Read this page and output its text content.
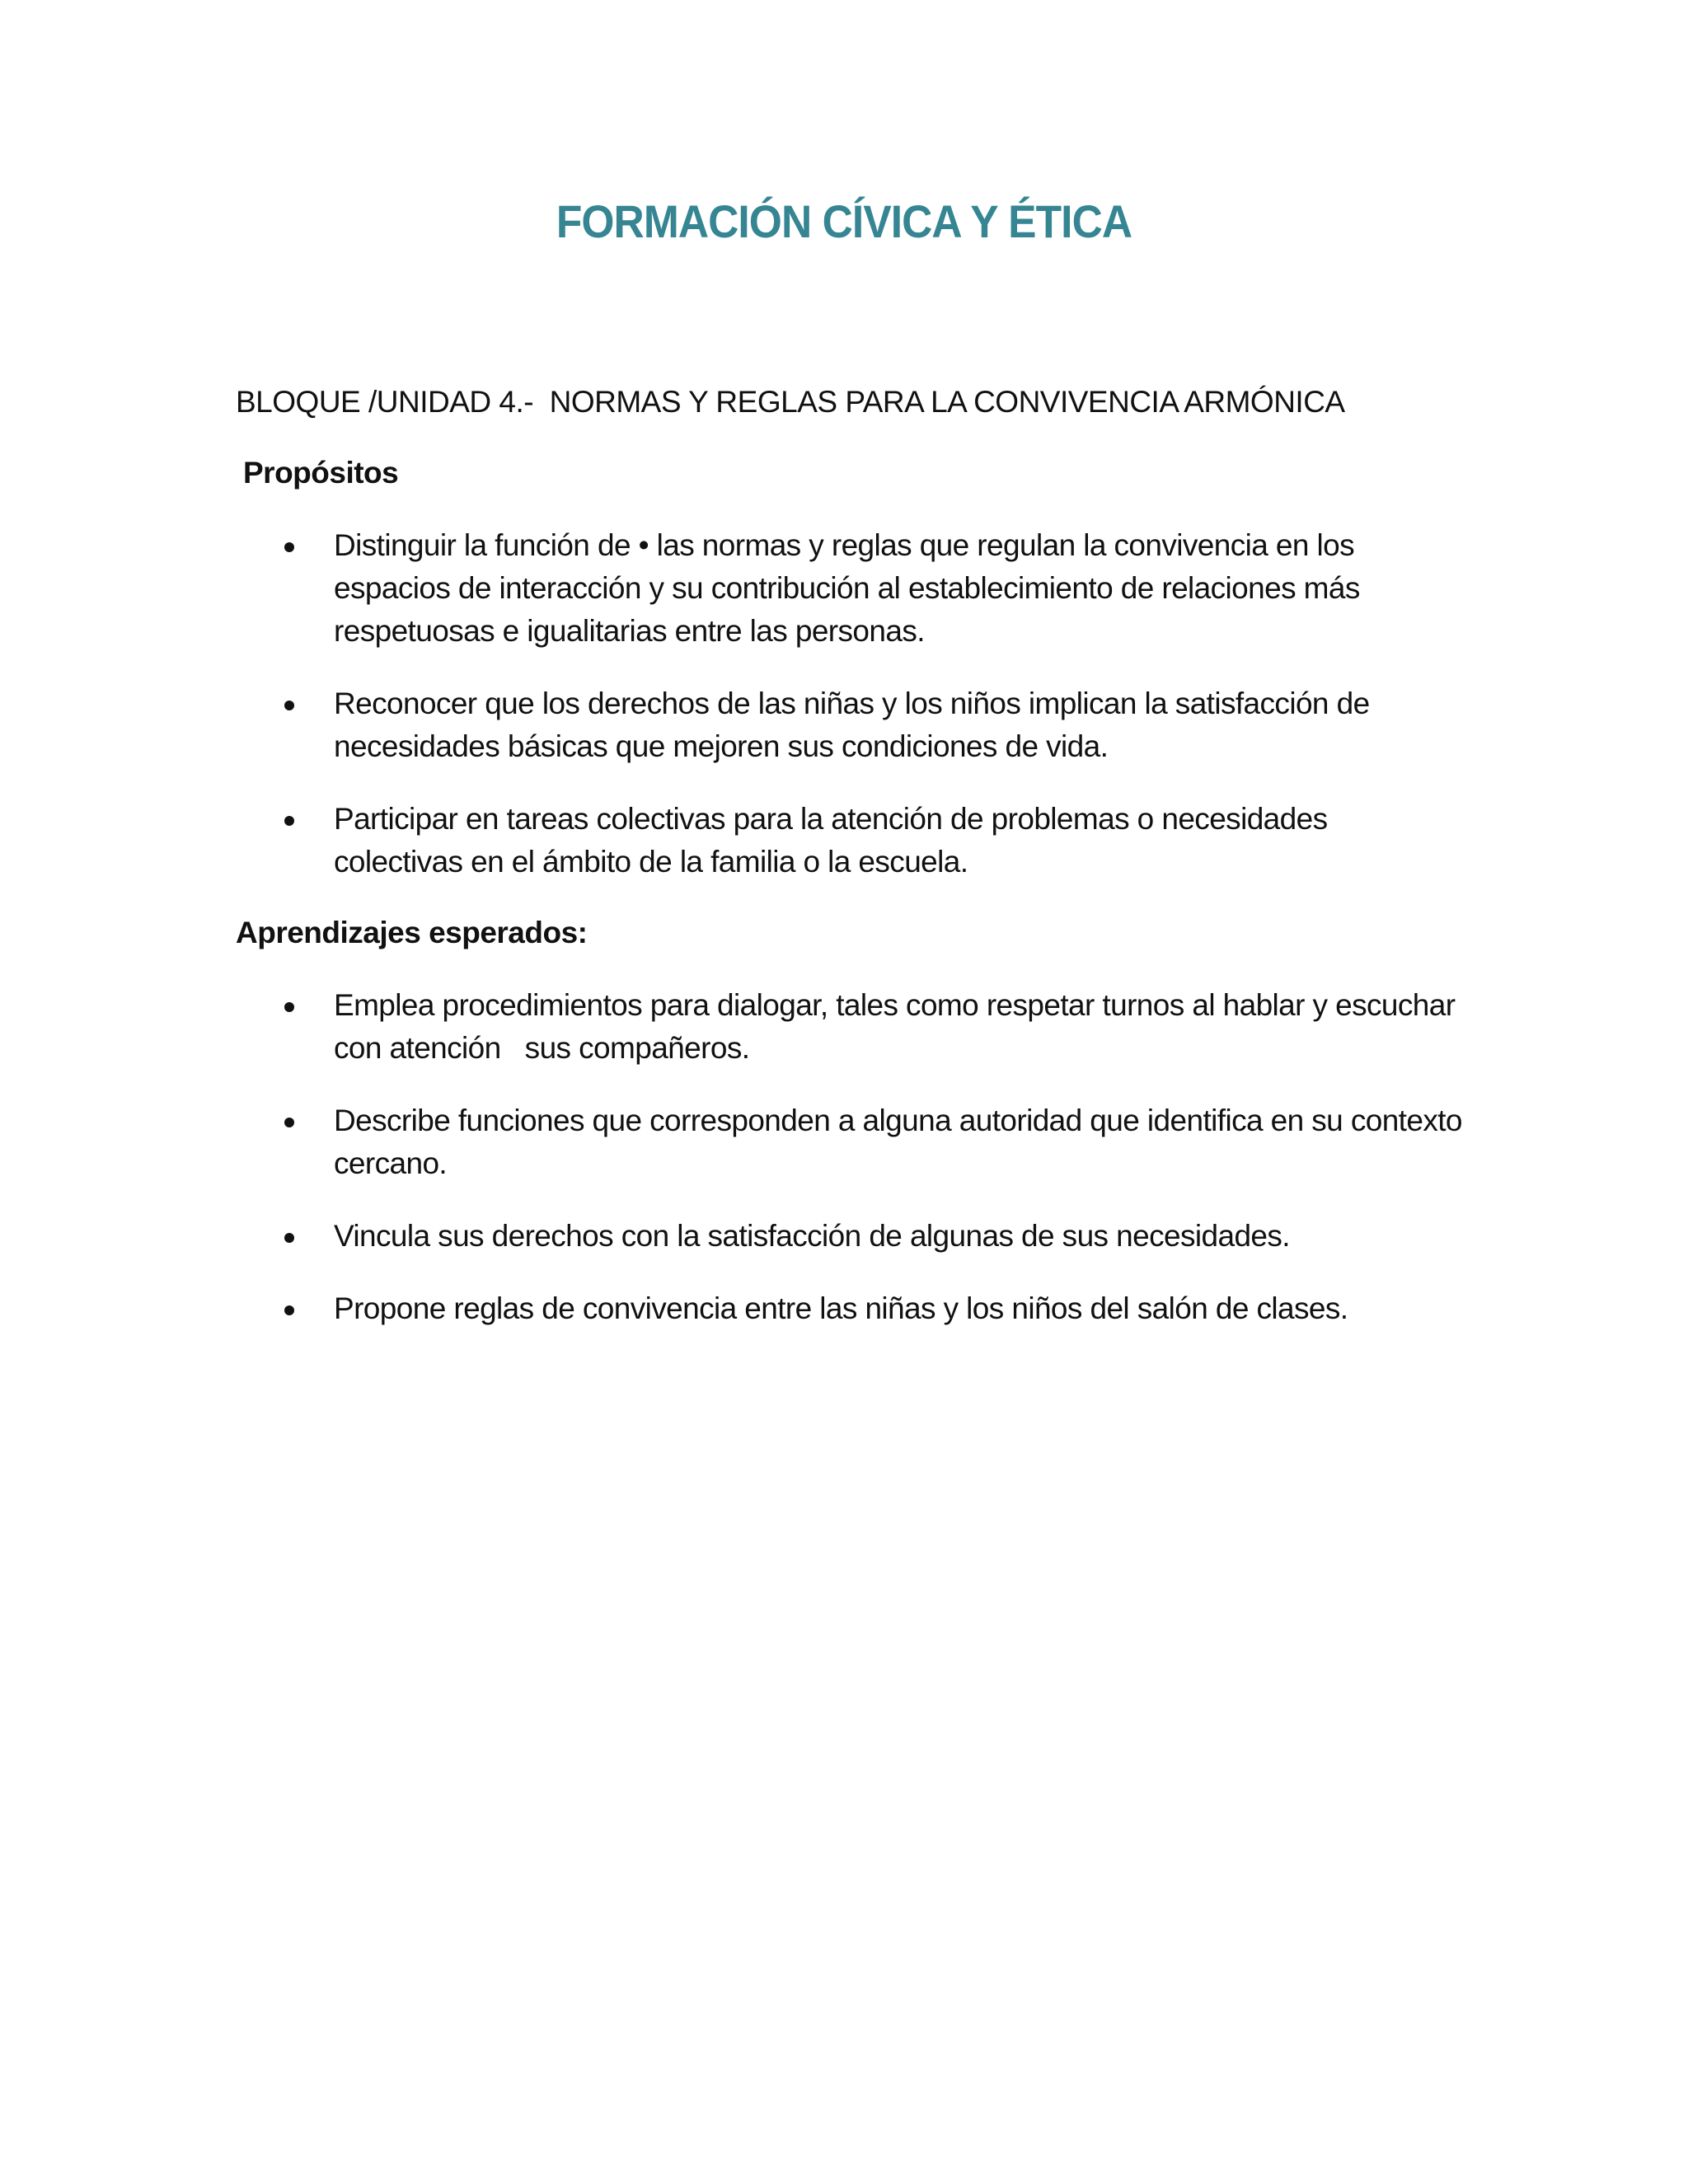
FORMACIÓN CÍVICA Y ÉTICA

BLOQUE /UNIDAD 4.-  NORMAS Y REGLAS PARA LA CONVIVENCIA ARMÓNICA

Propósitos

Distinguir la función de • las normas y reglas que regulan la convivencia en los espacios de interacción y su contribución al establecimiento de relaciones más respetuosas e igualitarias entre las personas.
Reconocer que los derechos de las niñas y los niños implican la satisfacción de necesidades básicas que mejoren sus condiciones de vida.
Participar en tareas colectivas para la atención de problemas o necesidades colectivas en el ámbito de la familia o la escuela.

Aprendizajes esperados:

Emplea procedimientos para dialogar, tales como respetar turnos al hablar y escuchar con atención   sus compañeros.
Describe funciones que corresponden a alguna autoridad que identifica en su contexto cercano.
Vincula sus derechos con la satisfacción de algunas de sus necesidades.
Propone reglas de convivencia entre las niñas y los niños del salón de clases.
